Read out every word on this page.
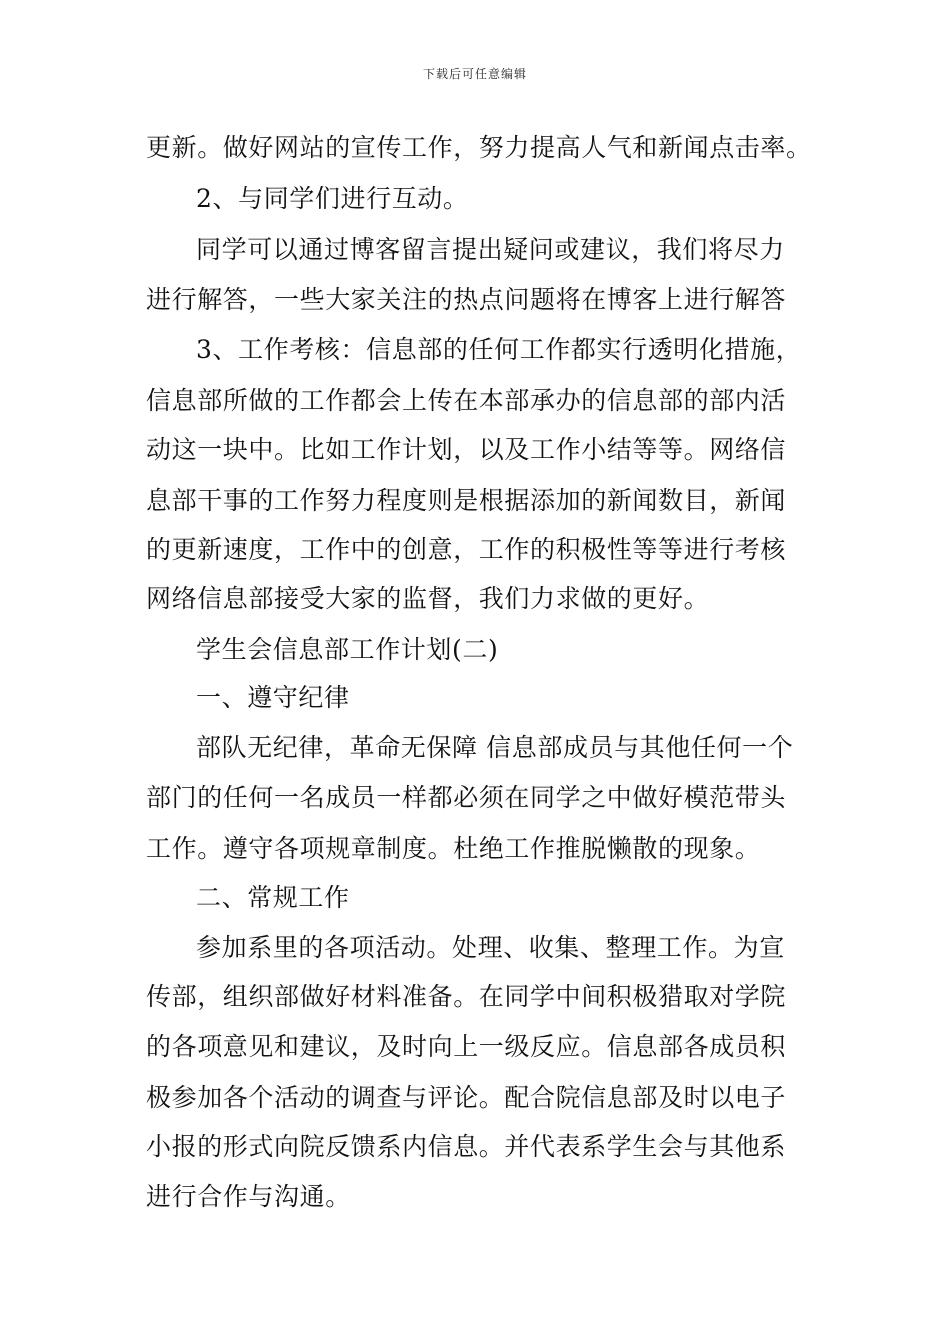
下载后可任意编辑
更新。做好网站的宣传工作，努力提高人气和新闻点击率。
2、与同学们进行互动。
同学可以通过博客留言提出疑问或建议，我们将尽力
进行解答，一些大家关注的热点问题将在博客上进行解答
3、工作考核：信息部的任何工作都实行透明化措施，
信息部所做的工作都会上传在本部承办的信息部的部内活
动这一块中。比如工作计划，以及工作小结等等。网络信
息部干事的工作努力程度则是根据添加的新闻数目，新闻
的更新速度，工作中的创意，工作的积极性等等进行考核
网络信息部接受大家的监督，我们力求做的更好。
学生会信息部工作计划(二)
一、遵守纪律
部队无纪律，革命无保障 信息部成员与其他任何一个
部门的任何一名成员一样都必须在同学之中做好模范带头
工作。遵守各项规章制度。杜绝工作推脱懒散的现象。
二、常规工作
参加系里的各项活动。处理、收集、整理工作。为宣
传部，组织部做好材料准备。在同学中间积极猎取对学院
的各项意见和建议，及时向上一级反应。信息部各成员积
极参加各个活动的调查与评论。配合院信息部及时以电子
小报的形式向院反馈系内信息。并代表系学生会与其他系
进行合作与沟通。
